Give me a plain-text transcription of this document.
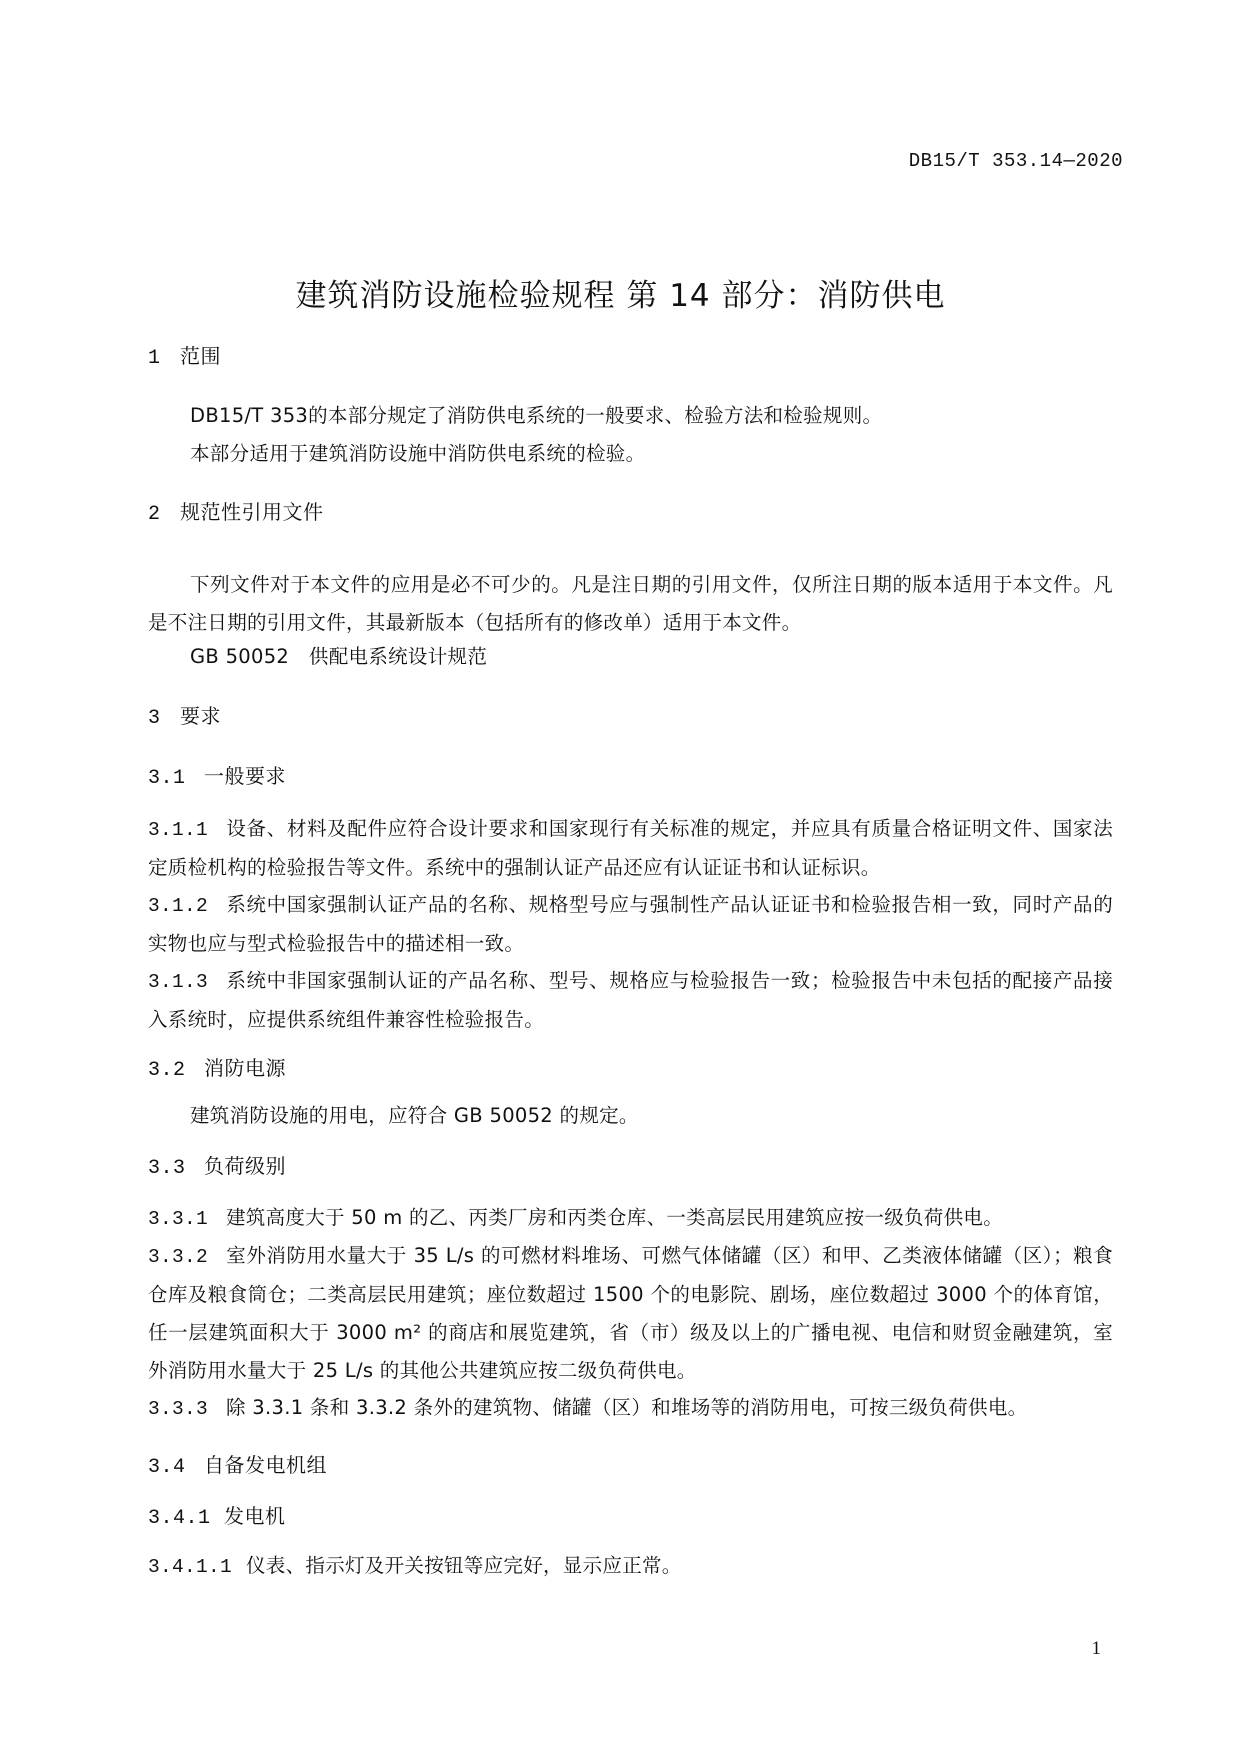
DB15/T 353.14—2020
建筑消防设施检验规程 第 14 部分：消防供电
1 范围
DB15/T 353的本部分规定了消防供电系统的一般要求、检验方法和检验规则。
本部分适用于建筑消防设施中消防供电系统的检验。
2 规范性引用文件
下列文件对于本文件的应用是必不可少的。凡是注日期的引用文件，仅所注日期的版本适用于本文件。凡是不注日期的引用文件，其最新版本（包括所有的修改单）适用于本文件。
GB 50052　供配电系统设计规范
3 要求
3.1 一般要求
3.1.1 设备、材料及配件应符合设计要求和国家现行有关标准的规定，并应具有质量合格证明文件、国家法定质检机构的检验报告等文件。系统中的强制认证产品还应有认证证书和认证标识。
3.1.2 系统中国家强制认证产品的名称、规格型号应与强制性产品认证证书和检验报告相一致，同时产品的实物也应与型式检验报告中的描述相一致。
3.1.3 系统中非国家强制认证的产品名称、型号、规格应与检验报告一致；检验报告中未包括的配接产品接入系统时，应提供系统组件兼容性检验报告。
3.2 消防电源
建筑消防设施的用电，应符合 GB 50052 的规定。
3.3 负荷级别
3.3.1 建筑高度大于 50 m 的乙、丙类厂房和丙类仓库、一类高层民用建筑应按一级负荷供电。
3.3.2 室外消防用水量大于 35 L/s 的可燃材料堆场、可燃气体储罐（区）和甲、乙类液体储罐（区）；粮食仓库及粮食筒仓；二类高层民用建筑；座位数超过 1500 个的电影院、剧场，座位数超过 3000 个的体育馆，任一层建筑面积大于 3000 m² 的商店和展览建筑，省（市）级及以上的广播电视、电信和财贸金融建筑，室外消防用水量大于 25 L/s 的其他公共建筑应按二级负荷供电。
3.3.3 除 3.3.1 条和 3.3.2 条外的建筑物、储罐（区）和堆场等的消防用电，可按三级负荷供电。
3.4 自备发电机组
3.4.1 发电机
3.4.1.1 仪表、指示灯及开关按钮等应完好，显示应正常。
1
